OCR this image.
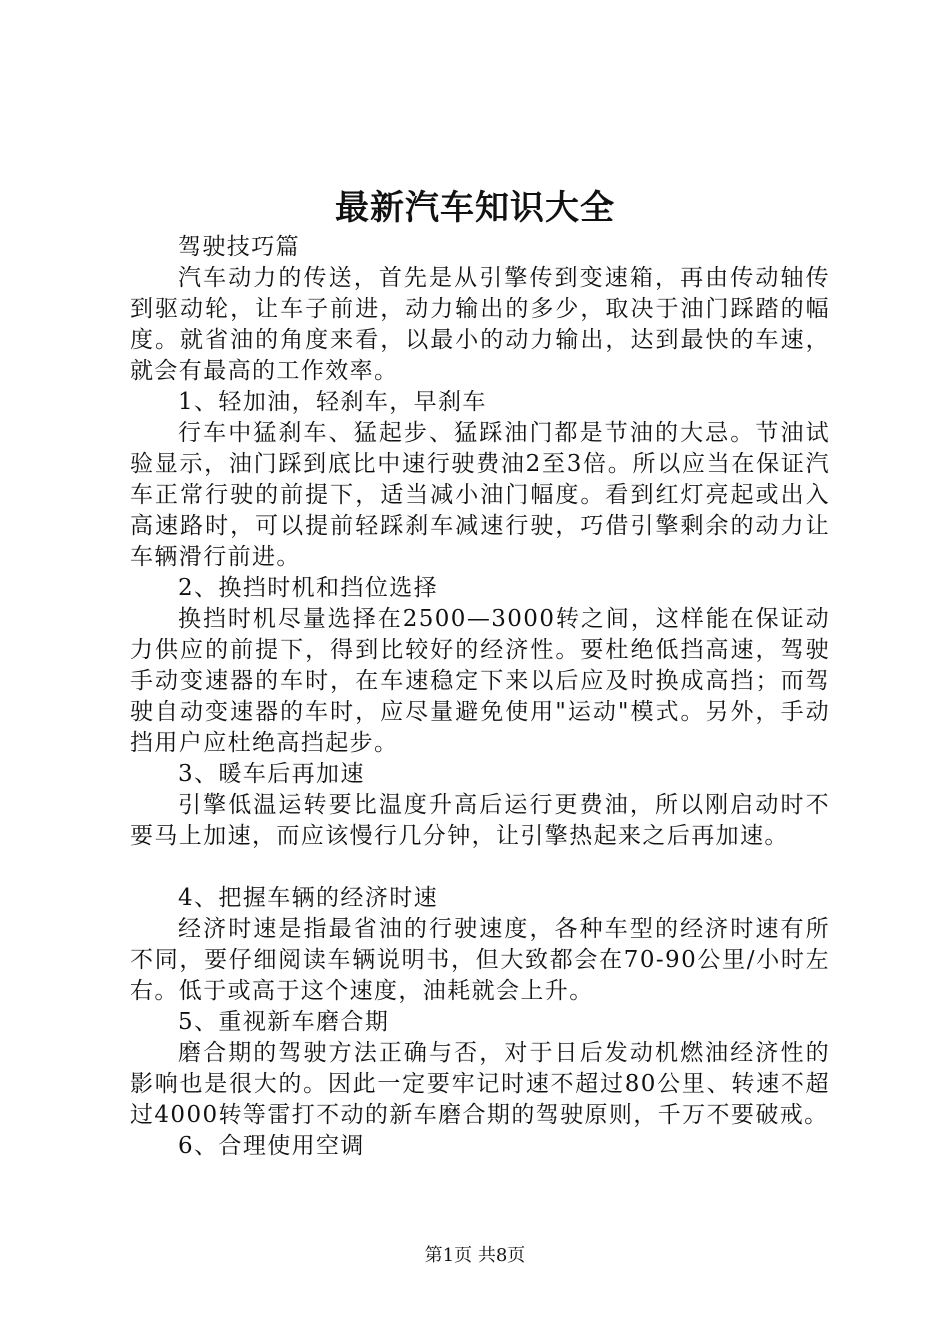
最新汽车知识大全

驾驶技巧篇

汽车动力的传送，首先是从引擎传到变速箱，再由传动轴传到驱动轮，让车子前进，动力输出的多少，取决于油门踩踏的幅度。就省油的角度来看，以最小的动力输出，达到最快的车速，就会有最高的工作效率。

1、轻加油，轻刹车，早刹车

行车中猛刹车、猛起步、猛踩油门都是节油的大忌。节油试验显示，油门踩到底比中速行驶费油2至3倍。所以应当在保证汽车正常行驶的前提下，适当减小油门幅度。看到红灯亮起或出入高速路时，可以提前轻踩刹车减速行驶，巧借引擎剩余的动力让车辆滑行前进。

2、换挡时机和挡位选择

换挡时机尽量选择在2500—3000转之间，这样能在保证动力供应的前提下，得到比较好的经济性。要杜绝低挡高速，驾驶手动变速器的车时，在车速稳定下来以后应及时换成高挡；而驾驶自动变速器的车时，应尽量避免使用"运动"模式。另外，手动挡用户应杜绝高挡起步。

3、暖车后再加速

引擎低温运转要比温度升高后运行更费油，所以刚启动时不要马上加速，而应该慢行几分钟，让引擎热起来之后再加速。

4、把握车辆的经济时速

经济时速是指最省油的行驶速度，各种车型的经济时速有所不同，要仔细阅读车辆说明书，但大致都会在70-90公里/小时左右。低于或高于这个速度，油耗就会上升。

5、重视新车磨合期

磨合期的驾驶方法正确与否，对于日后发动机燃油经济性的影响也是很大的。因此一定要牢记时速不超过80公里、转速不超过4000转等雷打不动的新车磨合期的驾驶原则，千万不要破戒。

6、合理使用空调

第1页 共8页
